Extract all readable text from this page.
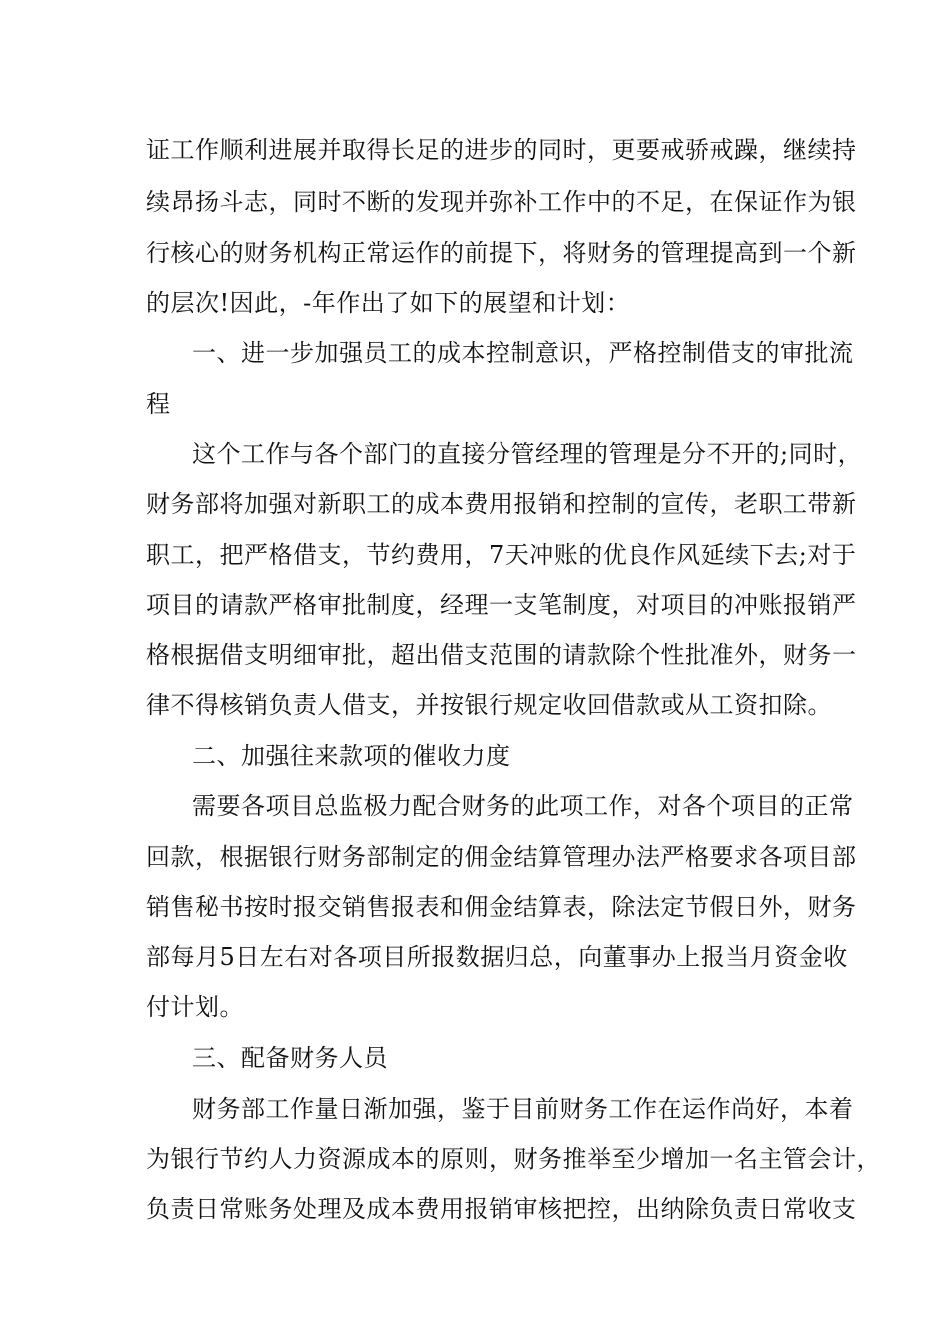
证工作顺利进展并取得长足的进步的同时，更要戒骄戒躁，继续持
续昂扬斗志，同时不断的发现并弥补工作中的不足，在保证作为银
行核心的财务机构正常运作的前提下，将财务的管理提高到一个新
的层次!因此，-年作出了如下的展望和计划：
一、进一步加强员工的成本控制意识，严格控制借支的审批流
程
这个工作与各个部门的直接分管经理的管理是分不开的;同时，
财务部将加强对新职工的成本费用报销和控制的宣传，老职工带新
职工，把严格借支，节约费用，7天冲账的优良作风延续下去;对于
项目的请款严格审批制度，经理一支笔制度，对项目的冲账报销严
格根据借支明细审批，超出借支范围的请款除个性批准外，财务一
律不得核销负责人借支，并按银行规定收回借款或从工资扣除。
二、加强往来款项的催收力度
需要各项目总监极力配合财务的此项工作，对各个项目的正常
回款，根据银行财务部制定的佣金结算管理办法严格要求各项目部
销售秘书按时报交销售报表和佣金结算表，除法定节假日外，财务
部每月5日左右对各项目所报数据归总，向董事办上报当月资金收
付计划。
三、配备财务人员
财务部工作量日渐加强，鉴于目前财务工作在运作尚好，本着
为银行节约人力资源成本的原则，财务推举至少增加一名主管会计，
负责日常账务处理及成本费用报销审核把控，出纳除负责日常收支
